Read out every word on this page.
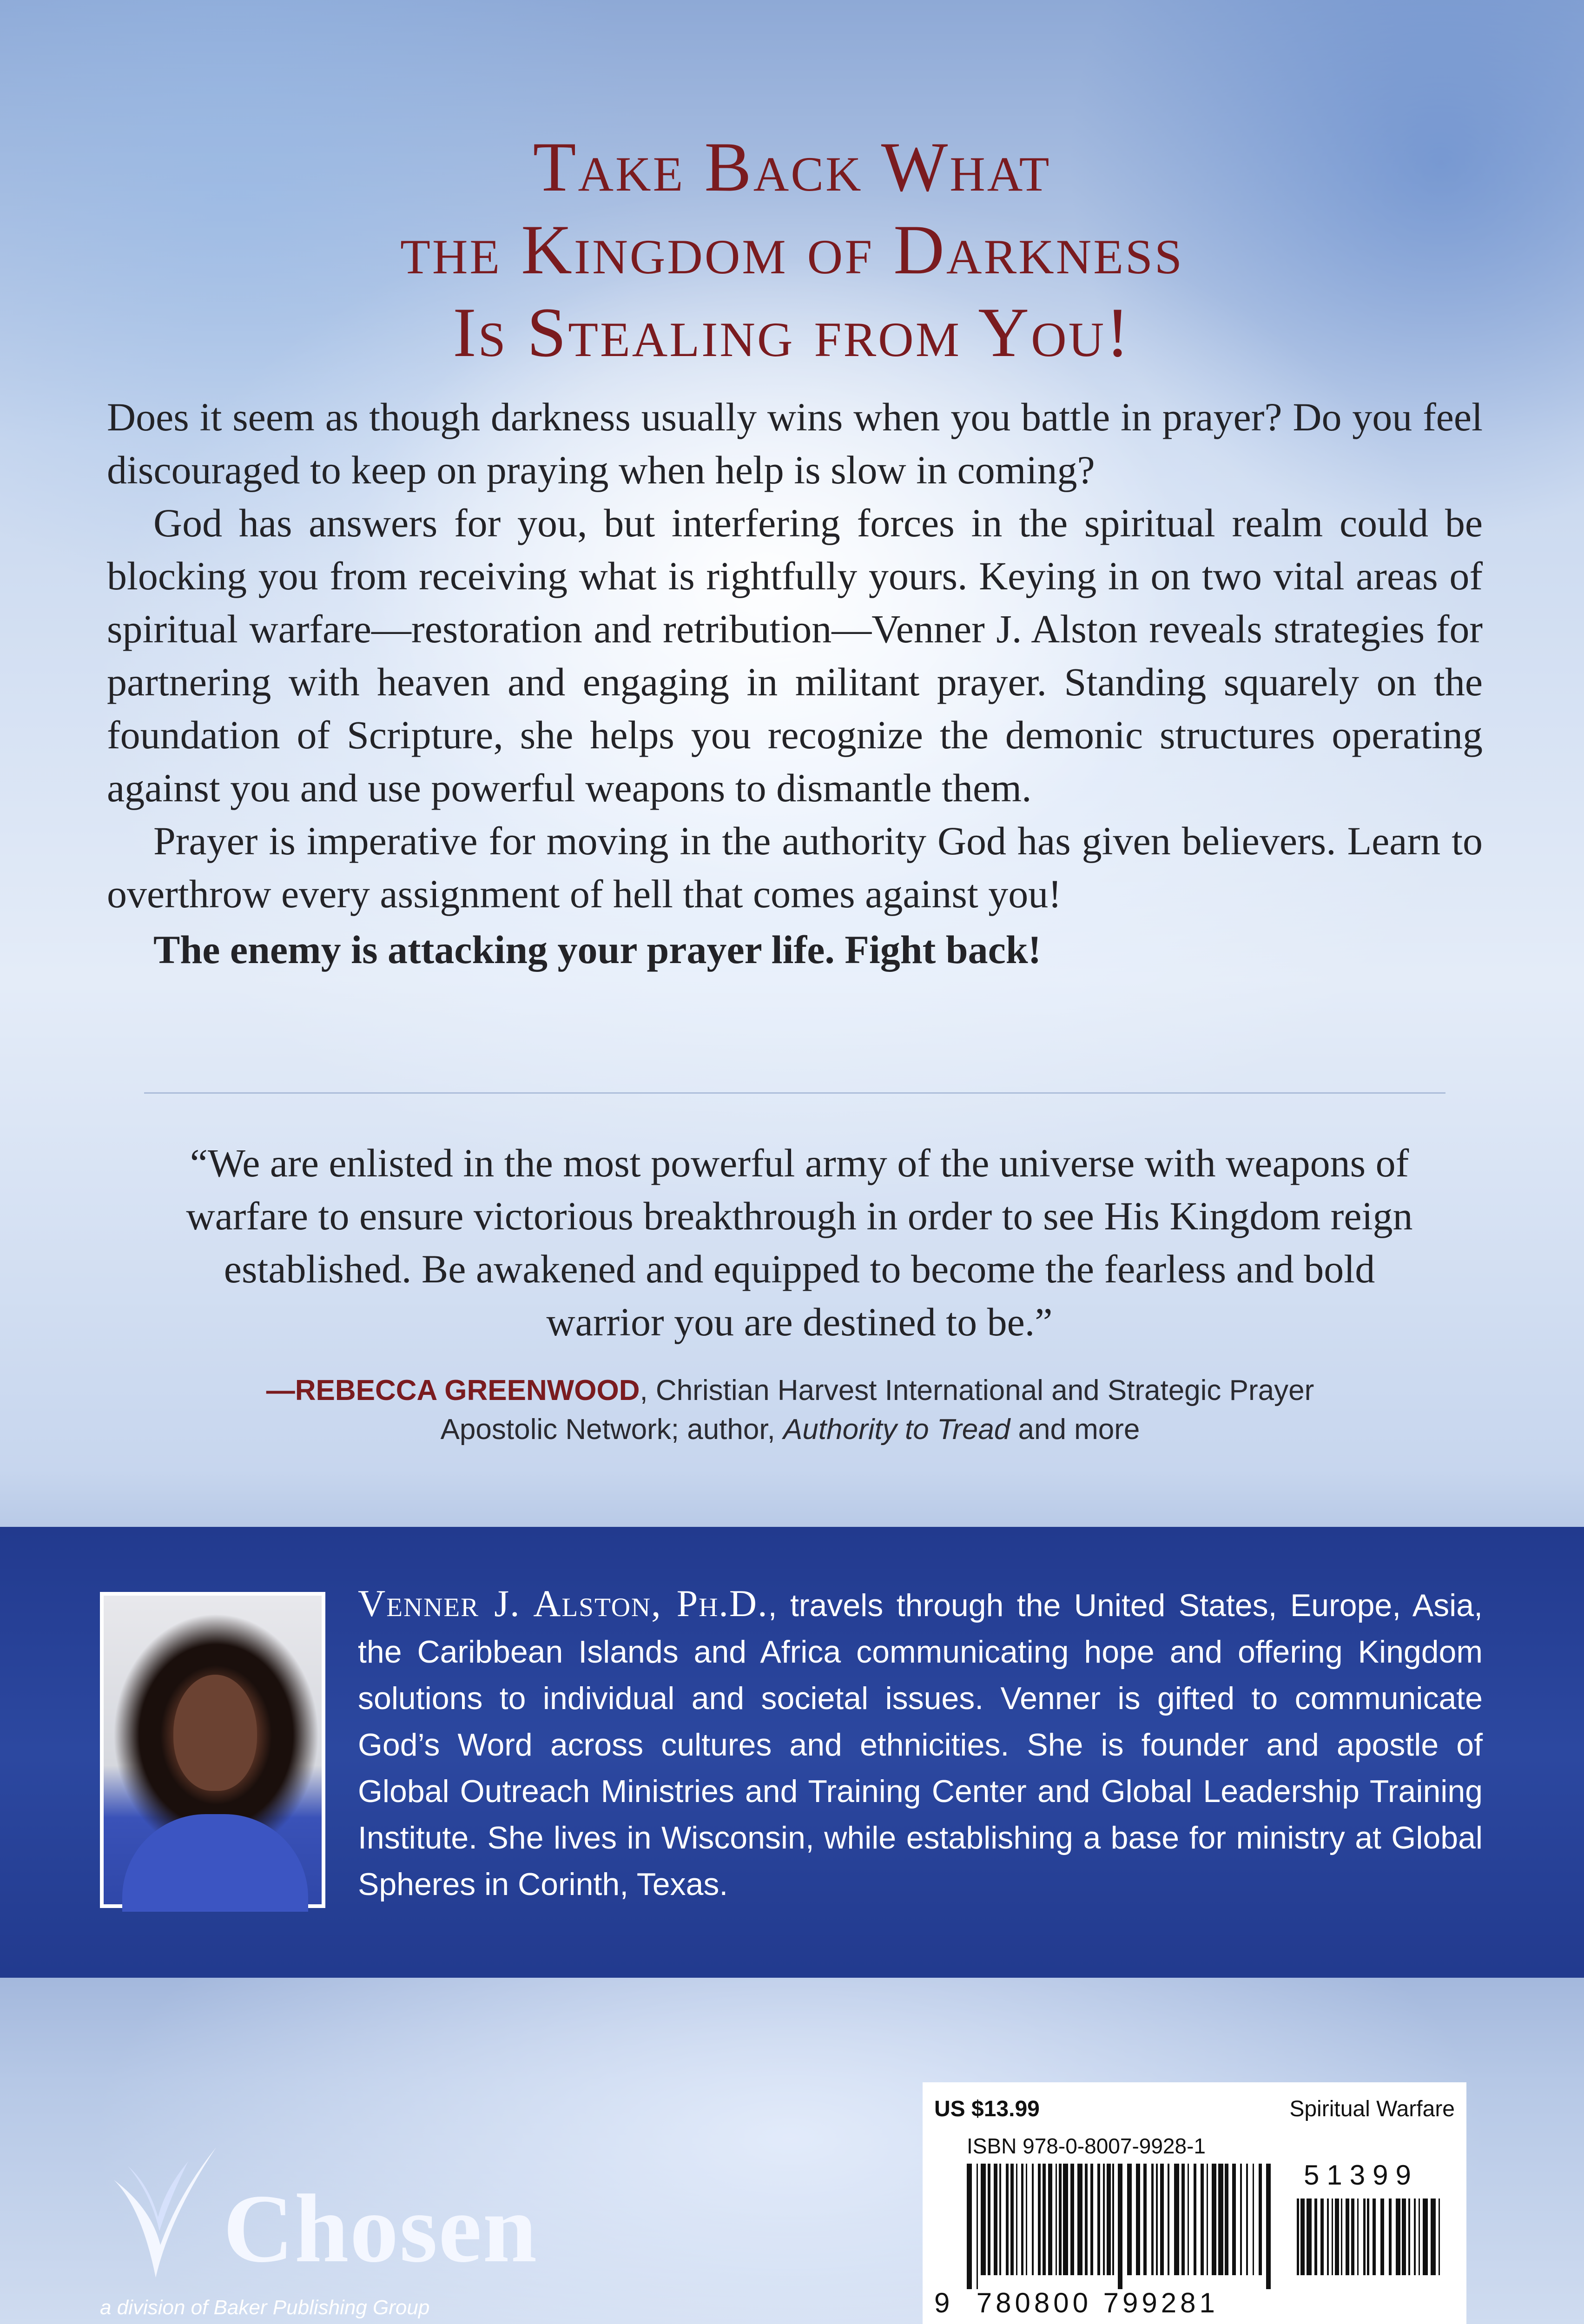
Take Back What
the Kingdom of Darkness
Is Stealing from You!

Does it seem as though darkness usually wins when you battle in prayer? Do you feel discouraged to keep on praying when help is slow in coming?

God has answers for you, but interfering forces in the spiritual realm could be blocking you from receiving what is rightfully yours. Keying in on two vital areas of spiritual warfare—restoration and retribution—Venner J. Alston reveals strategies for partnering with heaven and engaging in militant prayer. Standing squarely on the foundation of Scripture, she helps you recognize the demonic structures operating against you and use powerful weapons to dismantle them.

Prayer is imperative for moving in the authority God has given believers. Learn to overthrow every assignment of hell that comes against you!

The enemy is attacking your prayer life. Fight back!

“We are enlisted in the most powerful army of the universe with weapons of warfare to ensure victorious breakthrough in order to see His Kingdom reign established. Be awakened and equipped to become the fearless and bold warrior you are destined to be.”
—REBECCA GREENWOOD, Christian Harvest International and Strategic Prayer Apostolic Network; author, Authority to Tread and more
Venner J. Alston, Ph.D., travels through the United States, Europe, Asia, the Caribbean Islands and Africa communicating hope and offering Kingdom solutions to individual and societal issues. Venner is gifted to communicate God’s Word across cultures and ethnicities. She is founder and apostle of Global Outreach Ministries and Training Center and Global Leadership Training Institute. She lives in Wisconsin, while establishing a base for ministry at Global Spheres in Corinth, Texas.
Chosen
a division of Baker Publishing Group
US $13.99	Spiritual Warfare
ISBN 978-0-8007-9928-1
51399
9 780800 799281
